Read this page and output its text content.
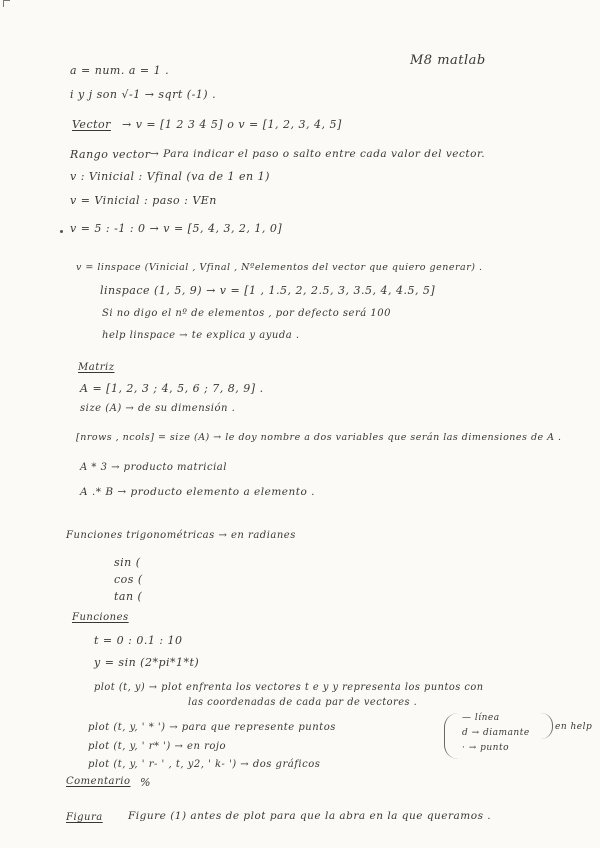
M8 matlab
a = num. a = 1 .
i y j son √-1 → sqrt (-1) .
Vector → v = [1 2 3 4 5] o v = [1, 2, 3, 4, 5]
Rango vector → Para indicar el paso o salto entre cada valor del vector.
v : Vinicial : Vfinal (va de 1 en 1)
v = Vinicial : paso : VEn
v = 5 : -1 : 0 → v = [5, 4, 3, 2, 1, 0]
v = linspace (Vinicial , Vfinal , Nºelementos del vector que quiero generar) .
linspace (1, 5, 9) → v = [1 , 1.5, 2, 2.5, 3, 3.5, 4, 4.5, 5]
Si no digo el nº de elementos , por defecto será 100
help linspace → te explica y ayuda .
Matriz
A = [1, 2, 3 ; 4, 5, 6 ; 7, 8, 9] .
size (A) → de su dimensión .
[nrows , ncols] = size (A) → le doy nombre a dos variables que serán las dimensiones de A .
A * 3 → producto matricial
A .* B → producto elemento a elemento .
Funciones trigonométricas → en radianes
sin (
cos (
tan (
Funciones
t = 0 : 0.1 : 10
y = sin (2*pi*1*t)
plot (t, y) → plot enfrenta los vectores t e y y representa los puntos con
las coordenadas de cada par de vectores .
plot (t, y, ' * ') → para que represente puntos
plot (t, y, ' r* ') → en rojo
plot (t, y, ' r- ' , t, y2, ' k- ') → dos gráficos
— línea
d → diamante
· → punto
en help
Comentario %
Figura Figure (1) antes de plot para que la abra en la que queramos .
